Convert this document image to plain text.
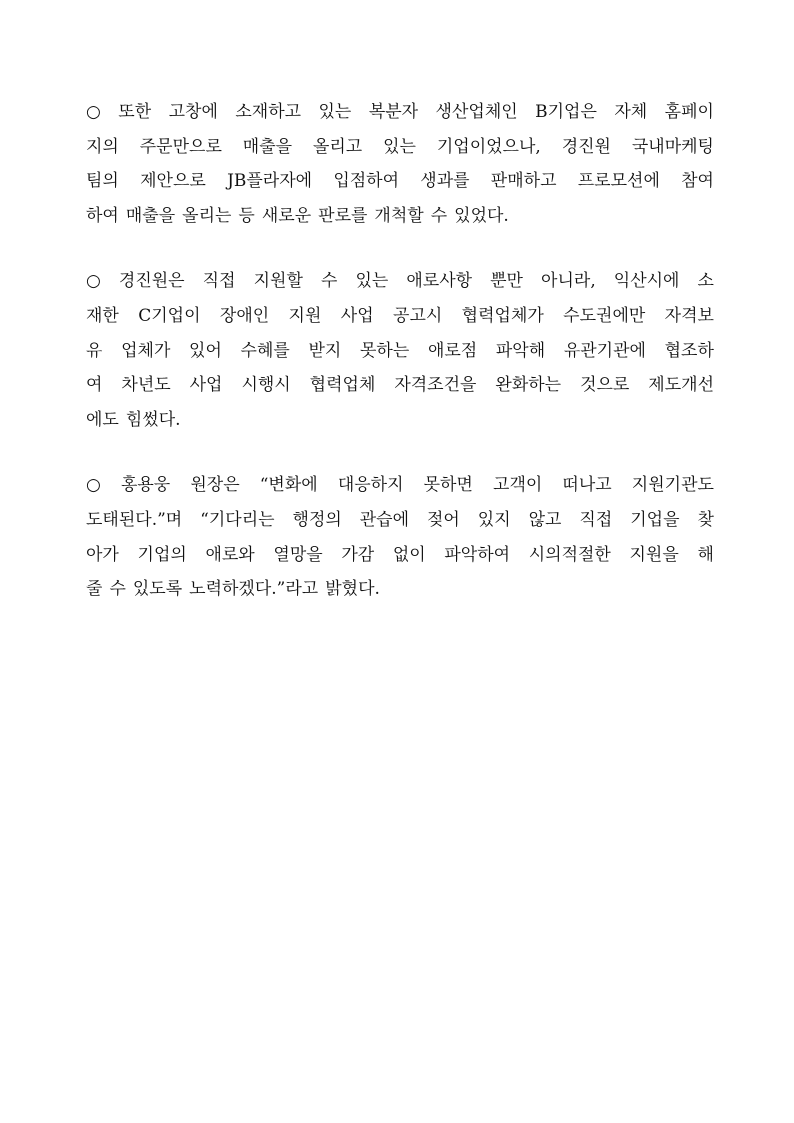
○ 또한 고창에 소재하고 있는 복분자 생산업체인 B기업은 자체 홈페이
지의 주문만으로 매출을 올리고 있는 기업이었으나, 경진원 국내마케팅
팀의 제안으로 JB플라자에 입점하여 생과를 판매하고 프로모션에 참여
하여 매출을 올리는 등 새로운 판로를 개척할 수 있었다.
○ 경진원은 직접 지원할 수 있는 애로사항 뿐만 아니라, 익산시에 소
재한 C기업이 장애인 지원 사업 공고시 협력업체가 수도권에만 자격보
유 업체가 있어 수혜를 받지 못하는 애로점 파악해 유관기관에 협조하
여 차년도 사업 시행시 협력업체 자격조건을 완화하는 것으로 제도개선
에도 힘썼다.
○ 홍용웅 원장은 “변화에 대응하지 못하면 고객이 떠나고 지원기관도
도태된다.”며 “기다리는 행정의 관습에 젖어 있지 않고 직접 기업을 찾
아가 기업의 애로와 열망을 가감 없이 파악하여 시의적절한 지원을 해
줄 수 있도록 노력하겠다.”라고 밝혔다.
